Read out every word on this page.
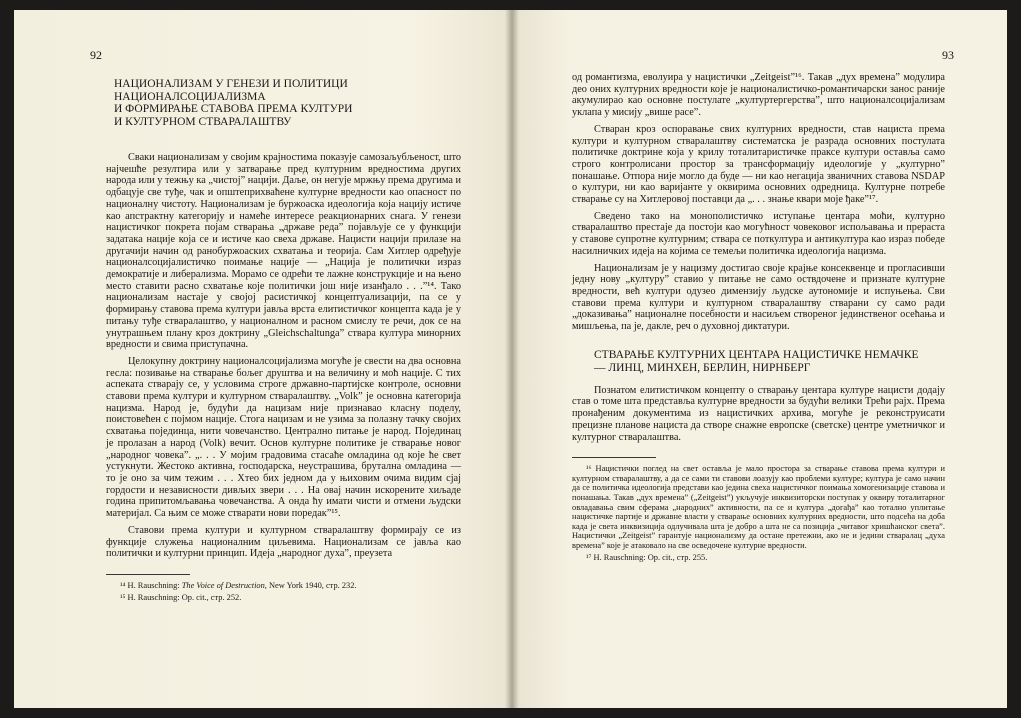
92
НАЦИОНАЛИЗАМ У ГЕНЕЗИ И ПОЛИТИЦИ
НАЦИОНАЛСОЦИЈАЛИЗМА
И ФОРМИРАЊЕ СТАВОВА ПРЕМА КУЛТУРИ
И КУЛТУРНОМ СТВАРАЛАШТВУ

Сваки национализам у својим крајностима показује самозаљубљеност, што најчешће резултира или у затварање пред културним вредностима других народа или у тежњу ка „чистој” нацији. Даље, он негује мржњу према другима и одбацује све туђе, чак и општеприхваћене културне вредности као опасност по националну чистоту. Национализам је буржоаска идеологија која нацију истиче као апстрактну категорију и намеће интересе реакционарних снага. У генези нацистичког покрета појам стварања „државе реда” појављује се у функцији задатака нације која се и истиче као свеха државе. Нацисти нацији прилазе на другачији начин од ранобуржоаских схватања и теорија. Сам Хитлер одређује националсоцијалистичко поимање нације — „Нација је политички израз демократије и либерализма. Морамо се одрећи те лажне конструкције и на њено место ставити расно схватање које политички још није изанђало . . .”¹⁴. Тако национализам настаје у својој расистичкој концептуализацији, па се у формирању ставова према култури јавља врста елитистичког концепта када је у питању туђе стваралаштво, у националном и расном смислу те речи, док се на унутрашњем плану кроз доктрину „Gleichschaltunga” ствара култура минорних вредности и свима приступачна.

Целокупну доктрину националсоцијализма могуће је свести на два основна гесла: позивање на стварање бољег друштва и на величину и моћ нације. С тих аспеката стварају се, у условима строге државно-партијске контроле, основни ставови према култури и културном стваралаштву. „Volk” је основна категорија нацизма. Народ је, будући да нацизам није признавао класну поделу, поистовећен с појмом нације. Стога нацизам и не узима за полазну тачку својих схватања појединца, нити човечанство. Централно питање је народ. Појединац је пролазан а народ (Volk) вечит. Основ културне политике је стварање новог „народног човека”. „. . . У мојим градовима стасаће омладина од које ће свет устукнути. Жестоко активна, господарска, неустрашива, брутална омладина — то је оно за чим тежим . . . Хтео бих једном да у њиховим очима видим сјај гордости и независности дивљих звери . . . На овај начин искорените хиљаде година припитомљавања човечанства. А онда ћу имати чисти и отмени људски материјал. Са њим се може стварати нови поредак”¹⁵.

Ставови према култури и културном стваралаштву формирају се из функције служења националним циљевима. Национализам се јавља као политички и културни принцип. Идеја „народног духа”, преузета

¹⁴ H. Rauschning: The Voice of Destruction, New York 1940, стр. 232.

¹⁵ H. Rauschning: Op. cit., стр. 252.

93

од романтизма, еволуира у нацистички „Zeitgeist”¹⁶. Такав „дух времена” модулира део оних културних вредности које је националистичко-романтичарски занос раније акумулирао као основне постулате „културтергерства”, што националсоцијализам уклапа у мисију „више расе”.

Стваран кроз оспоравање свих културних вредности, став нациста према култури и културном стваралаштву систематска је разрада основних постулата политичке доктрине која у крилу тоталитаристичке праксе култури оставља само строго контролисани простор за трансформацију идеологије у „културно” понашање. Отпора није могло да буде — ни као негација званичних ставова NSDAP о култури, ни као варијанте у оквирима основних одредница. Културне потребе стварање су на Хитлеровој поставци да „. . . знање квари моје ђаке”¹⁷.

Сведено тако на монополистичко иступање центара моћи, културно стваралаштво престаје да постоји као могућност човековог испољавања и прераста у ставове супротне културним; ствара се поткултура и антикултура као израз победе насилничких идеја на којима се темељи политичка идеологија нацизма.

Национализам је у нацизму достигао своје крајње консеквенце и прогласивши једну нову „културу” ставио у питање не само оствдочене и признате културне вредности, већ култури одузео димензију људске аутономије и испуњења. Сви ставови према култури и културном стваралаштву стварани су само ради „доказивања” националне посебности и насиљем створеног јединственог осећања и мишљења, па је, дакле, реч о духовној диктатури.

СТВАРАЊЕ КУЛТУРНИХ ЦЕНТАРА НАЦИСТИЧКЕ НЕМАЧКЕ
— ЛИНЦ, МИНХЕН, БЕРЛИН, НИРНБЕРГ

Познатом елитистичком концепту о стварању центара културе нацисти додају став о томе шта представља културне вредности за будући велики Трећи рајх. Према пронађеним документима из нацистичких архива, могуће је реконструисати прецизне планове нациста да створе снажне европске (светске) центре уметничког и културног стваралаштва.

¹⁶ Нацистички поглед на свет оставља је мало простора за стварање ставова према култури и културном стваралаштву, а да се сами ти ставови лоазују као проблеми културе; култура је само начин да се политичка идеологија представи као једина свеха нацистичког поимања хомогенизације ставова и понашања. Такав „дух времена” („Zeitgeist”) укључује инквизиторски поступак у оквиру тоталитарног овладавања свим сферама „народних” активности, па се и култура „догађа” као тотално уплитање нацистичке партије и државне власти у стварање основних културних вредности, што подсећа на доба када је света инквизиција одлучивала шта је добро а шта не са позиција „читавог хришћанског света”. Нацистички „Zeitgeist” гарантује национализму да остане претежни, ако не и једини стваралац „духа времена” које је атаковало на све осведочене културне вредности.

¹⁷ H. Rauschning: Op. cit., стр. 255.
